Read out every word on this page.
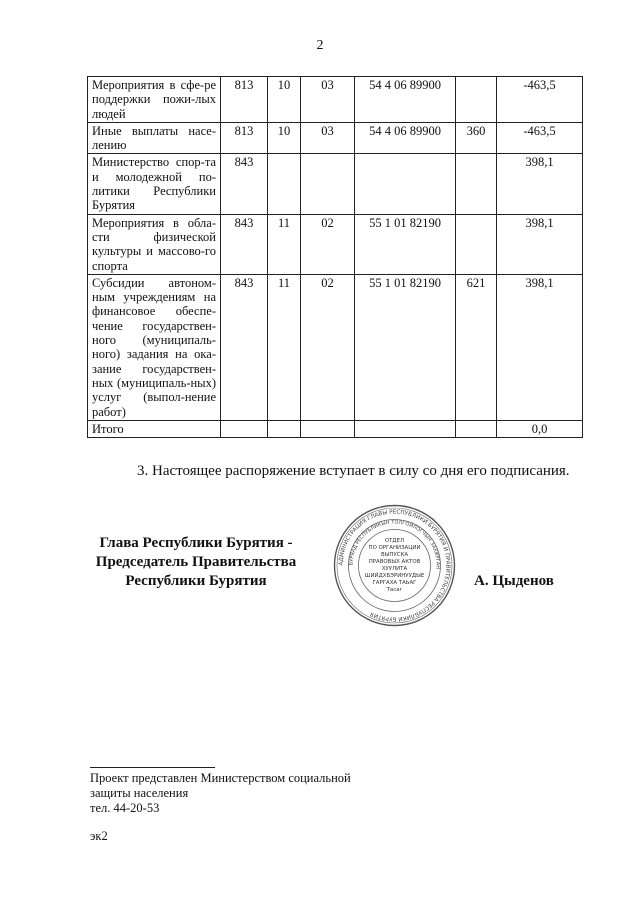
2
Мероприятия в сфе-ре поддержки пожи-лых людей	813	10	03	54 4 06 89900		-463,5
Иные выплаты насе-лению	813	10	03	54 4 06 89900	360	-463,5
Министерство спор-та и молодежной по-литики Республики Бурятия	843					398,1
Мероприятия в обла-сти физической культуры и массово-го спорта	843	11	02	55 1 01 82190		398,1
Субсидии автоном-ным учреждениям на финансовое обеспе-чение государствен-ного (муниципаль-ного) задания на ока-зание государствен-ных (муниципаль-ных) услуг (выпол-нение работ)	843	11	02	55 1 01 82190	621	398,1
Итого						0,0
3. Настоящее распоряжение вступает в силу со дня его подписания.
Глава Республики Бурятия -
Председатель Правительства
Республики Бурятия
АДМИНИСТРАЦИЯ ГЛАВЫ РЕСПУБЛИКИ БУРЯТИЯ И ПРАВИТЕЛЬСТВА РЕСПУБЛИКИ БУРЯТИЯ
БУРЯАД РЕСПУБЛИКЫН ТОЛГОЙЛОГЧЫН ЗАХИРГАН
ОТДЕЛ
ПО ОРГАНИЗАЦИИ
ВЫПУСКА
ПРАВОВЫХ АКТОВ
ХУУЛИТА
ШИЙДХБЭРИНУУДЫЕ
ГАРГАХА ТАЬАГ
Тасаг
А. Цыденов
Проект представлен Министерством социальной
защиты населения
тел. 44-20-53
эк2
